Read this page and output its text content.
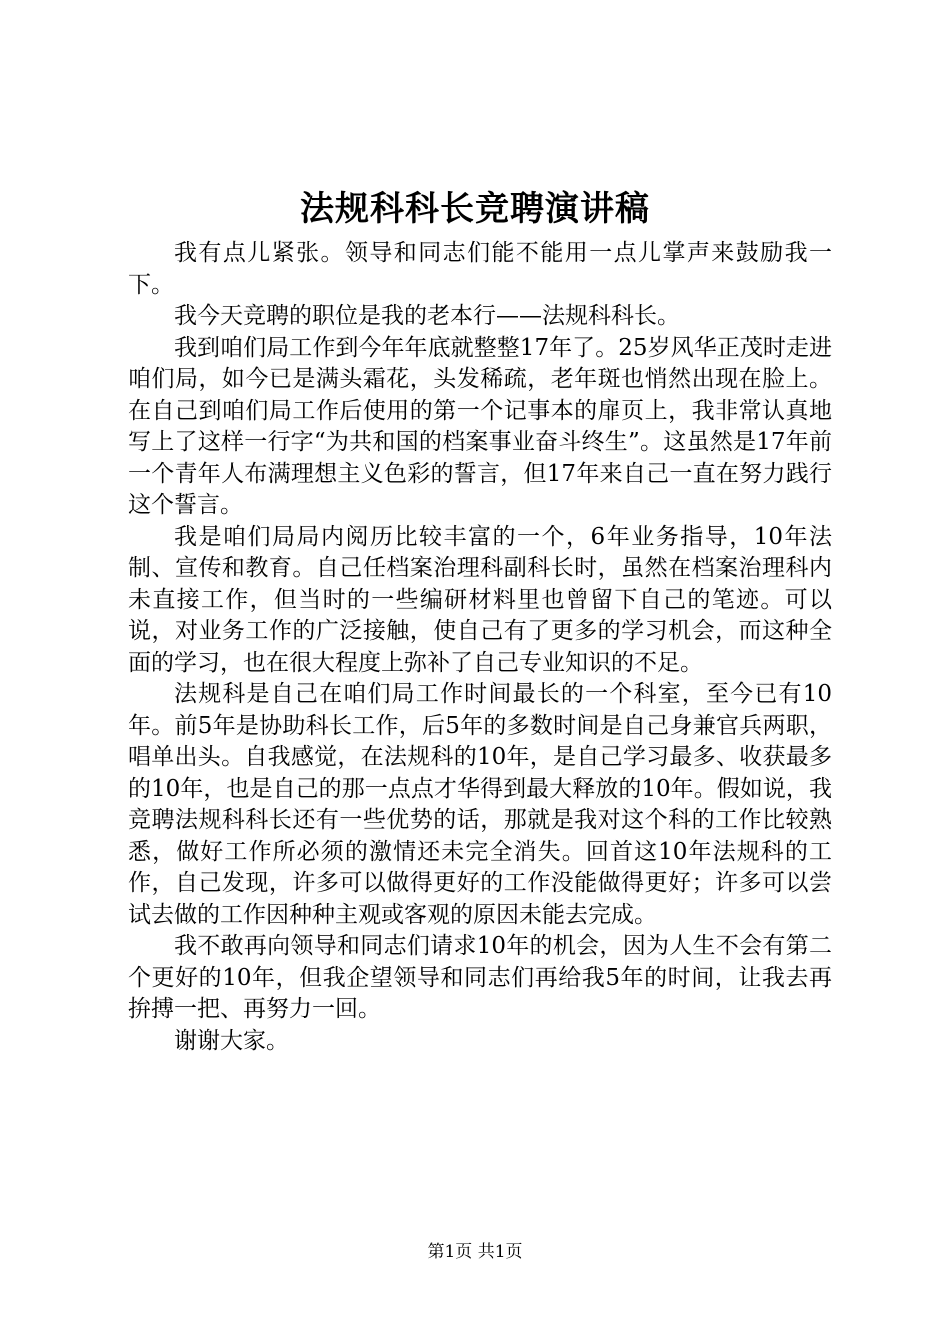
法规科科长竞聘演讲稿

我有点儿紧张。领导和同志们能不能用一点儿掌声来鼓励我一下。

我今天竞聘的职位是我的老本行——法规科科长。

我到咱们局工作到今年年底就整整17年了。25岁风华正茂时走进咱们局，如今已是满头霜花，头发稀疏，老年斑也悄然出现在脸上。在自己到咱们局工作后使用的第一个记事本的扉页上，我非常认真地写上了这样一行字“为共和国的档案事业奋斗终生”。这虽然是17年前一个青年人布满理想主义色彩的誓言，但17年来自己一直在努力践行这个誓言。

我是咱们局局内阅历比较丰富的一个，6年业务指导，10年法制、宣传和教育。自己任档案治理科副科长时，虽然在档案治理科内未直接工作，但当时的一些编研材料里也曾留下自己的笔迹。可以说，对业务工作的广泛接触，使自己有了更多的学习机会，而这种全面的学习，也在很大程度上弥补了自己专业知识的不足。

法规科是自己在咱们局工作时间最长的一个科室，至今已有10年。前5年是协助科长工作，后5年的多数时间是自己身兼官兵两职，唱单出头。自我感觉，在法规科的10年，是自己学习最多、收获最多的10年，也是自己的那一点点才华得到最大释放的10年。假如说，我竞聘法规科科长还有一些优势的话，那就是我对这个科的工作比较熟悉，做好工作所必须的激情还未完全消失。回首这10年法规科的工作，自己发现，许多可以做得更好的工作没能做得更好；许多可以尝试去做的工作因种种主观或客观的原因未能去完成。

我不敢再向领导和同志们请求10年的机会，因为人生不会有第二个更好的10年，但我企望领导和同志们再给我5年的时间，让我去再拚搏一把、再努力一回。

谢谢大家。

第1页 共1页
